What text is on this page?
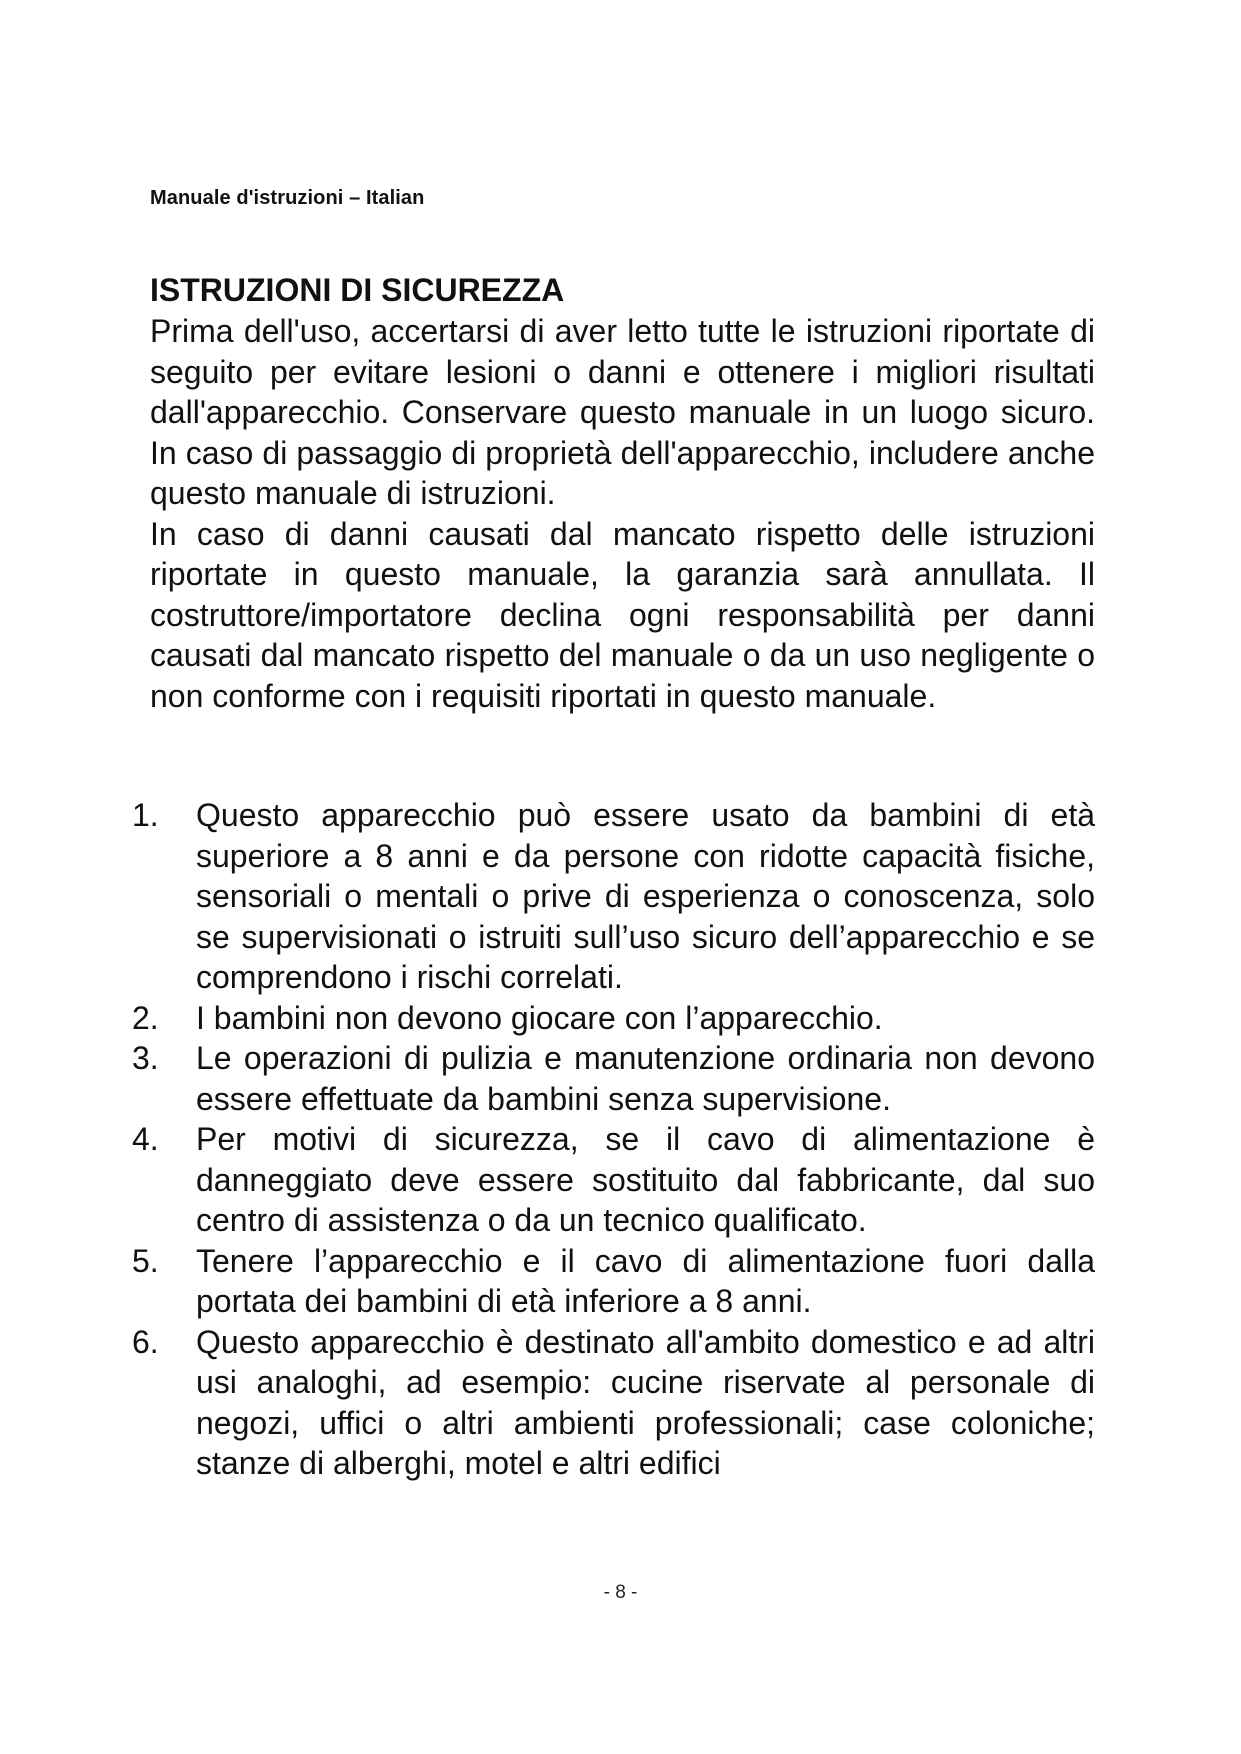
Manuale d'istruzioni – Italian
ISTRUZIONI DI SICUREZZA

Prima dell'uso, accertarsi di aver letto tutte le istruzioni riportate di seguito per evitare lesioni o danni e ottenere i migliori risultati dall'apparecchio. Conservare questo manuale in un luogo sicuro. In caso di passaggio di proprietà dell'apparecchio, includere anche questo manuale di istruzioni.

In caso di danni causati dal mancato rispetto delle istruzioni riportate in questo manuale, la garanzia sarà annullata. Il costruttore/importatore declina ogni responsabilità per danni causati dal mancato rispetto del manuale o da un uso negligente o non conforme con i requisiti riportati in questo manuale.

1. Questo apparecchio può essere usato da bambini di età superiore a 8 anni e da persone con ridotte capacità fisiche, sensoriali o mentali o prive di esperienza o conoscenza, solo se supervisionati o istruiti sull’uso sicuro dell’apparecchio e se comprendono i rischi correlati.
2. I bambini non devono giocare con l’apparecchio.
3. Le operazioni di pulizia e manutenzione ordinaria non devono essere effettuate da bambini senza supervisione.
4. Per motivi di sicurezza, se il cavo di alimentazione è danneggiato deve essere sostituito dal fabbricante, dal suo centro di assistenza o da un tecnico qualificato.
5. Tenere l’apparecchio e il cavo di alimentazione fuori dalla portata dei bambini di età inferiore a 8 anni.
6. Questo apparecchio è destinato all'ambito domestico e ad altri usi analoghi, ad esempio: cucine riservate al personale di negozi, uffici o altri ambienti professionali; case coloniche; stanze di alberghi, motel e altri edifici
- 8 -
